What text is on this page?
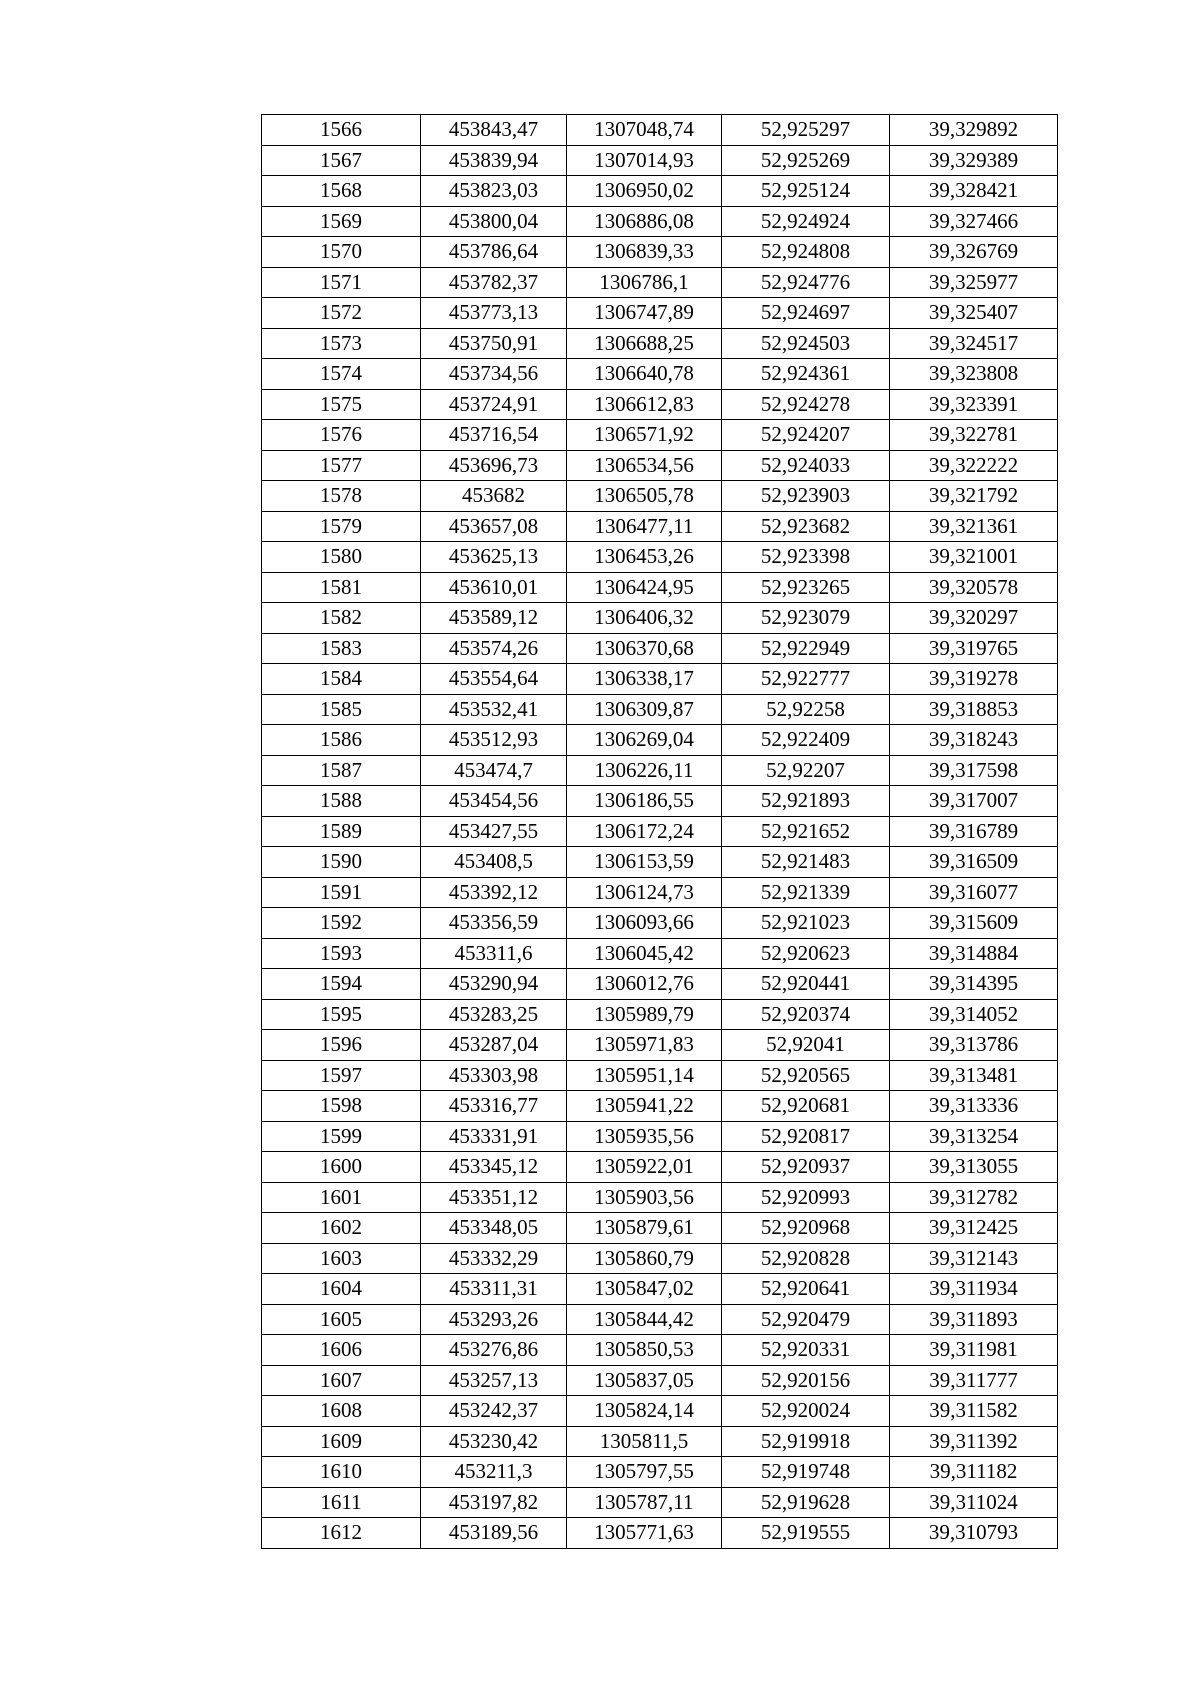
1566	453843,47	1307048,74	52,925297	39,329892
1567	453839,94	1307014,93	52,925269	39,329389
1568	453823,03	1306950,02	52,925124	39,328421
1569	453800,04	1306886,08	52,924924	39,327466
1570	453786,64	1306839,33	52,924808	39,326769
1571	453782,37	1306786,1	52,924776	39,325977
1572	453773,13	1306747,89	52,924697	39,325407
1573	453750,91	1306688,25	52,924503	39,324517
1574	453734,56	1306640,78	52,924361	39,323808
1575	453724,91	1306612,83	52,924278	39,323391
1576	453716,54	1306571,92	52,924207	39,322781
1577	453696,73	1306534,56	52,924033	39,322222
1578	453682	1306505,78	52,923903	39,321792
1579	453657,08	1306477,11	52,923682	39,321361
1580	453625,13	1306453,26	52,923398	39,321001
1581	453610,01	1306424,95	52,923265	39,320578
1582	453589,12	1306406,32	52,923079	39,320297
1583	453574,26	1306370,68	52,922949	39,319765
1584	453554,64	1306338,17	52,922777	39,319278
1585	453532,41	1306309,87	52,92258	39,318853
1586	453512,93	1306269,04	52,922409	39,318243
1587	453474,7	1306226,11	52,92207	39,317598
1588	453454,56	1306186,55	52,921893	39,317007
1589	453427,55	1306172,24	52,921652	39,316789
1590	453408,5	1306153,59	52,921483	39,316509
1591	453392,12	1306124,73	52,921339	39,316077
1592	453356,59	1306093,66	52,921023	39,315609
1593	453311,6	1306045,42	52,920623	39,314884
1594	453290,94	1306012,76	52,920441	39,314395
1595	453283,25	1305989,79	52,920374	39,314052
1596	453287,04	1305971,83	52,92041	39,313786
1597	453303,98	1305951,14	52,920565	39,313481
1598	453316,77	1305941,22	52,920681	39,313336
1599	453331,91	1305935,56	52,920817	39,313254
1600	453345,12	1305922,01	52,920937	39,313055
1601	453351,12	1305903,56	52,920993	39,312782
1602	453348,05	1305879,61	52,920968	39,312425
1603	453332,29	1305860,79	52,920828	39,312143
1604	453311,31	1305847,02	52,920641	39,311934
1605	453293,26	1305844,42	52,920479	39,311893
1606	453276,86	1305850,53	52,920331	39,311981
1607	453257,13	1305837,05	52,920156	39,311777
1608	453242,37	1305824,14	52,920024	39,311582
1609	453230,42	1305811,5	52,919918	39,311392
1610	453211,3	1305797,55	52,919748	39,311182
1611	453197,82	1305787,11	52,919628	39,311024
1612	453189,56	1305771,63	52,919555	39,310793
